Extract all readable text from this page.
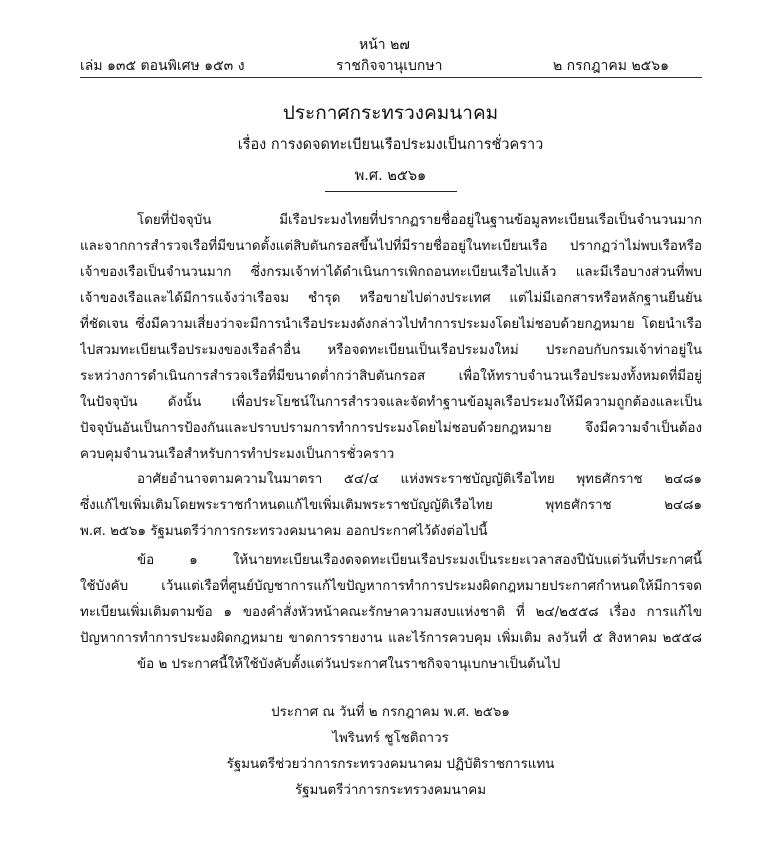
หน้า ๒๗
เล่ม ๑๓๕ ตอนพิเศษ ๑๕๓ ง	ราชกิจจานุเบกษา	๒ กรกฎาคม ๒๕๖๑
ประกาศกระทรวงคมนาคม
เรื่อง การงดจดทะเบียนเรือประมงเป็นการชั่วคราว
พ.ศ. ๒๕๖๑
โดยที่ปัจจุบัน มีเรือประมงไทยที่ปรากฏรายชื่ออยู่ในฐานข้อมูลทะเบียนเรือเป็นจำนวนมาก
และจากการสำรวจเรือที่มีขนาดตั้งแต่สิบตันกรอสขึ้นไปที่มีรายชื่ออยู่ในทะเบียนเรือ ปรากฏว่าไม่พบเรือหรือ
เจ้าของเรือเป็นจำนวนมาก ซึ่งกรมเจ้าท่าได้ดำเนินการเพิกถอนทะเบียนเรือไปแล้ว และมีเรือบางส่วนที่พบ
เจ้าของเรือและได้มีการแจ้งว่าเรือจม ชำรุด หรือขายไปต่างประเทศ แต่ไม่มีเอกสารหรือหลักฐานยืนยัน
ที่ชัดเจน ซึ่งมีความเสี่ยงว่าจะมีการนำเรือประมงดังกล่าวไปทำการประมงโดยไม่ชอบด้วยกฎหมาย โดยนำเรือ
ไปสวมทะเบียนเรือประมงของเรือลำอื่น หรือจดทะเบียนเป็นเรือประมงใหม่ ประกอบกับกรมเจ้าท่าอยู่ใน
ระหว่างการดำเนินการสำรวจเรือที่มีขนาดต่ำกว่าสิบตันกรอส เพื่อให้ทราบจำนวนเรือประมงทั้งหมดที่มีอยู่
ในปัจจุบัน ดังนั้น เพื่อประโยชน์ในการสำรวจและจัดทำฐานข้อมูลเรือประมงให้มีความถูกต้องและเป็น
ปัจจุบันอันเป็นการป้องกันและปราบปรามการทำการประมงโดยไม่ชอบด้วยกฎหมาย จึงมีความจำเป็นต้อง
ควบคุมจำนวนเรือสำหรับการทำประมงเป็นการชั่วคราว
อาศัยอำนาจตามความในมาตรา ๕๔/๔ แห่งพระราชบัญญัติเรือไทย พุทธศักราช ๒๔๘๑
ซึ่งแก้ไขเพิ่มเติมโดยพระราชกำหนดแก้ไขเพิ่มเติมพระราชบัญญัติเรือไทย พุทธศักราช ๒๔๘๑
พ.ศ. ๒๕๖๑ รัฐมนตรีว่าการกระทรวงคมนาคม ออกประกาศไว้ดังต่อไปนี้
ข้อ ๑ ให้นายทะเบียนเรืองดจดทะเบียนเรือประมงเป็นระยะเวลาสองปีนับแต่วันที่ประกาศนี้
ใช้บังคับ เว้นแต่เรือที่ศูนย์บัญชาการแก้ไขปัญหาการทำการประมงผิดกฎหมายประกาศกำหนดให้มีการจด
ทะเบียนเพิ่มเติมตามข้อ ๑ ของคำสั่งหัวหน้าคณะรักษาความสงบแห่งชาติ ที่ ๒๔/๒๕๕๘ เรื่อง การแก้ไข
ปัญหาการทำการประมงผิดกฎหมาย ขาดการรายงาน และไร้การควบคุม เพิ่มเติม ลงวันที่ ๕ สิงหาคม ๒๕๕๘
ข้อ ๒ ประกาศนี้ให้ใช้บังคับตั้งแต่วันประกาศในราชกิจจานุเบกษาเป็นต้นไป
ประกาศ ณ วันที่ ๒ กรกฎาคม พ.ศ. ๒๕๖๑
ไพรินทร์ ชูโชติถาวร
รัฐมนตรีช่วยว่าการกระทรวงคมนาคม ปฏิบัติราชการแทน
รัฐมนตรีว่าการกระทรวงคมนาคม
